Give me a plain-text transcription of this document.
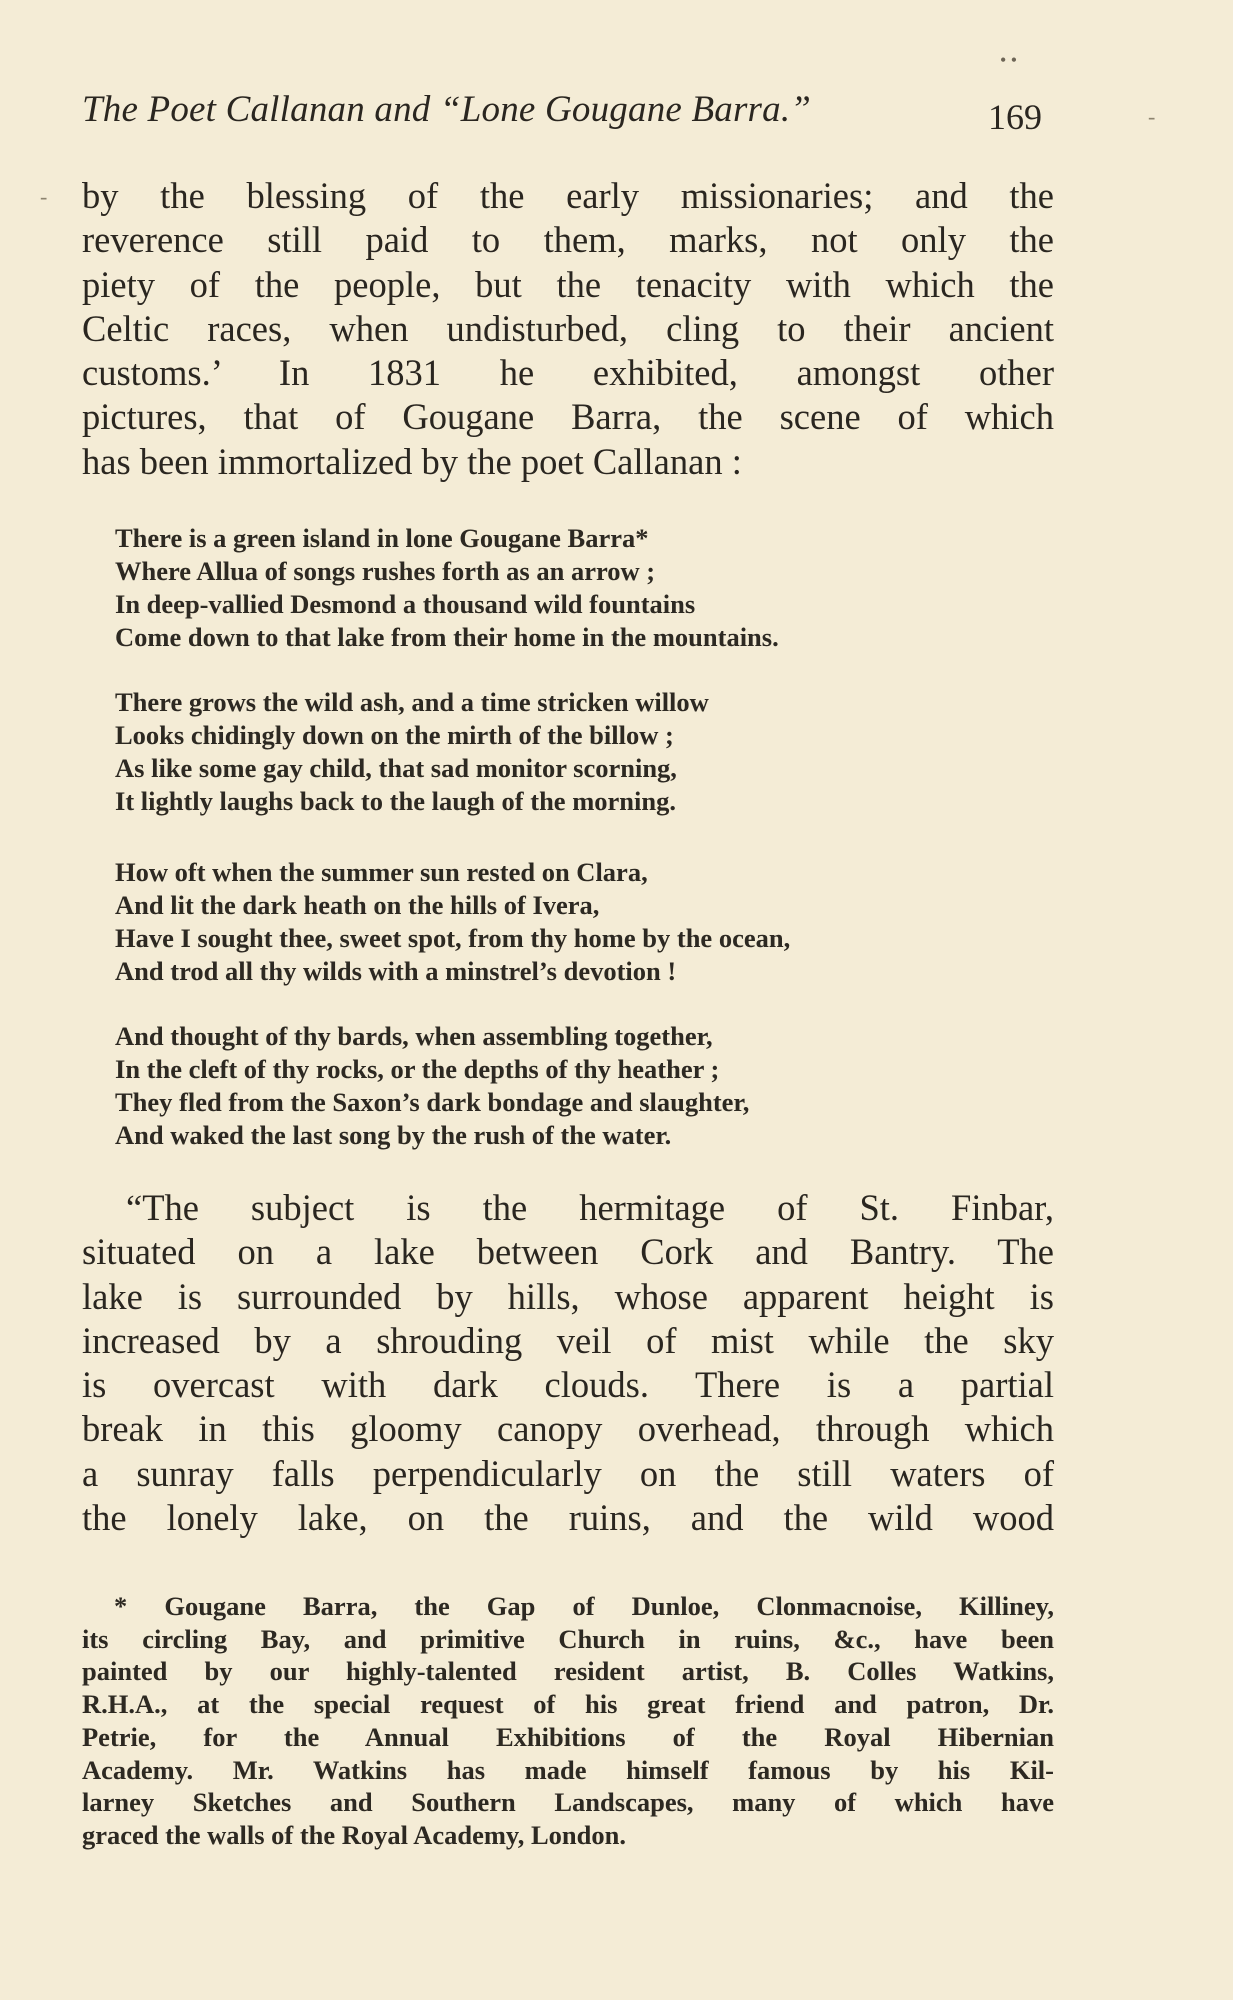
• •
-
-
The Poet Callanan and “Lone Gougane Barra.”	169

by the blessing of the early missionaries; and the
reverence still paid to them, marks, not only the
piety of the people, but the tenacity with which the
Celtic races, when undisturbed, cling to their ancient
customs.’ In 1831 he exhibited, amongst other
pictures, that of Gougane Barra, the scene of which
has been immortalized by the poet Callanan :

There is a green island in lone Gougane Barra*
Where Allua of songs rushes forth as an arrow ;
In deep-vallied Desmond a thousand wild fountains
Come down to that lake from their home in the mountains.
There grows the wild ash, and a time stricken willow
Looks chidingly down on the mirth of the billow ;
As like some gay child, that sad monitor scorning,
It lightly laughs back to the laugh of the morning.
How oft when the summer sun rested on Clara,
And lit the dark heath on the hills of Ivera,
Have I sought thee, sweet spot, from thy home by the ocean,
And trod all thy wilds with a minstrel’s devotion !
And thought of thy bards, when assembling together,
In the cleft of thy rocks, or the depths of thy heather ;
They fled from the Saxon’s dark bondage and slaughter,
And waked the last song by the rush of the water.

“The subject is the hermitage of St. Finbar,
situated on a lake between Cork and Bantry. The
lake is surrounded by hills, whose apparent height is
increased by a shrouding veil of mist while the sky
is overcast with dark clouds. There is a partial
break in this gloomy canopy overhead, through which
a sunray falls perpendicularly on the still waters of
the lonely lake, on the ruins, and the wild wood

* Gougane Barra, the Gap of Dunloe, Clonmacnoise, Killiney,
its circling Bay, and primitive Church in ruins, &c., have been
painted by our highly-talented resident artist, B. Colles Watkins,
R.H.A., at the special request of his great friend and patron, Dr.
Petrie, for the Annual Exhibitions of the Royal Hibernian
Academy. Mr. Watkins has made himself famous by his Kil-
larney Sketches and Southern Landscapes, many of which have
graced the walls of the Royal Academy, London.
